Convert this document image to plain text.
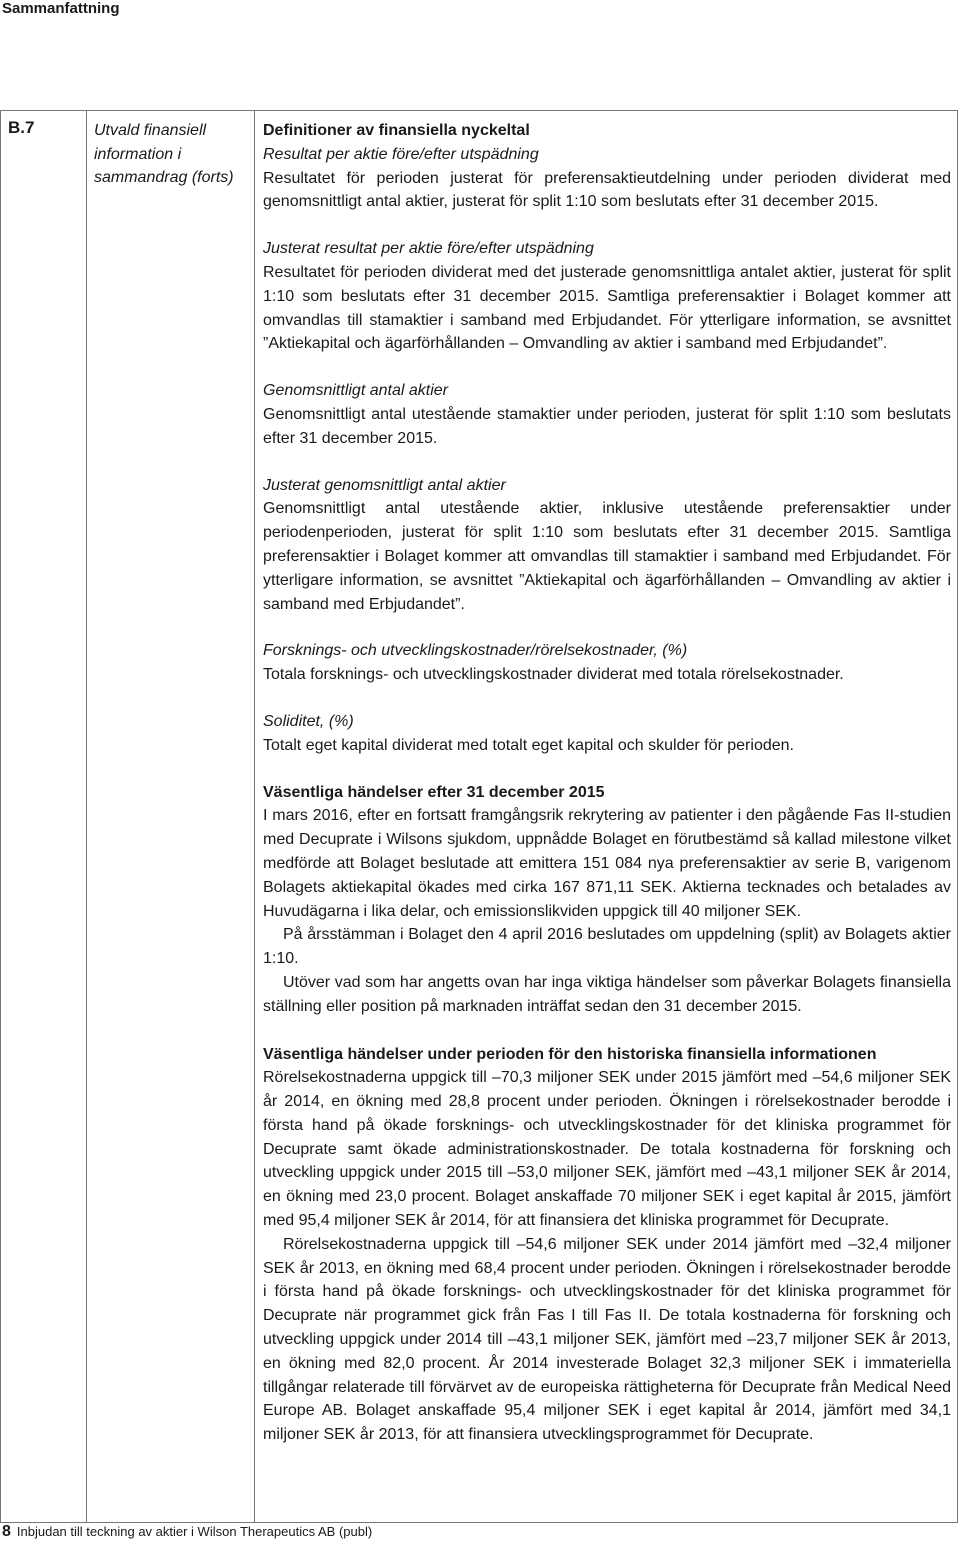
Sammanfattning
B.7	Utvald finansiell information i sammandrag (forts)

Definitioner av finansiella nyckeltal

Resultat per aktie före/efter utspädning

Resultatet för perioden justerat för preferensaktieutdelning under perioden dividerat med genomsnittligt antal aktier, justerat för split 1:10 som beslutats efter 31 december 2015.

Justerat resultat per aktie före/efter utspädning

Resultatet för perioden dividerat med det justerade genomsnittliga antalet aktier, justerat för split 1:10 som beslutats efter 31 december 2015. Samtliga preferensaktier i Bolaget kommer att omvandlas till stamaktier i samband med Erbjudandet. För ytterligare information, se avsnittet ”Aktiekapital och ägarförhållanden – Omvandling av aktier i samband med Erbjudandet”.

Genomsnittligt antal aktier

Genomsnittligt antal utestående stamaktier under perioden, justerat för split 1:10 som beslutats efter 31 december 2015.

Justerat genomsnittligt antal aktier

Genomsnittligt antal utestående aktier, inklusive utestående preferensaktier under periodenperioden, justerat för split 1:10 som beslutats efter 31 december 2015. Samtliga preferensaktier i Bolaget kommer att omvandlas till stamaktier i samband med Erbjudandet. För ytterligare information, se avsnittet ”Aktiekapital och ägarförhållanden – Omvandling av aktier i samband med Erbjudandet”.

Forsknings- och utvecklingskostnader/rörelsekostnader, (%)

Totala forsknings- och utvecklingskostnader dividerat med totala rörelsekostnader.

Soliditet, (%)

Totalt eget kapital dividerat med totalt eget kapital och skulder för perioden.

Väsentliga händelser efter 31 december 2015

I mars 2016, efter en fortsatt framgångsrik rekrytering av patienter i den pågående Fas II-studien med Decuprate i Wilsons sjukdom, uppnådde Bolaget en förutbestämd så kallad milestone vilket medförde att Bolaget beslutade att emittera 151 084 nya preferensaktier av serie B, varigenom Bolagets aktiekapital ökades med cirka 167 871,11 SEK. Aktierna tecknades och betalades av Huvudägarna i lika delar, och emissionslikviden uppgick till 40 miljoner SEK.

På årsstämman i Bolaget den 4 april 2016 beslutades om uppdelning (split) av Bolagets aktier 1:10.

Utöver vad som har angetts ovan har inga viktiga händelser som påverkar Bolagets finansiella ställning eller position på marknaden inträffat sedan den 31 december 2015.

Väsentliga händelser under perioden för den historiska finansiella informationen

Rörelsekostnaderna uppgick till –70,3 miljoner SEK under 2015 jämfört med –54,6 miljoner SEK år 2014, en ökning med 28,8 procent under perioden. Ökningen i rörelsekostnader berodde i första hand på ökade forsknings- och utvecklingskostnader för det kliniska programmet för Decuprate samt ökade administrationskostnader. De totala kostnaderna för forskning och utveckling uppgick under 2015 till –53,0 miljoner SEK, jämfört med –43,1 miljoner SEK år 2014, en ökning med 23,0 procent. Bolaget anskaffade 70 miljoner SEK i eget kapital år 2015, jämfört med 95,4 miljoner SEK år 2014, för att finansiera det kliniska programmet för Decuprate.

Rörelsekostnaderna uppgick till –54,6 miljoner SEK under 2014 jämfört med –32,4 miljoner SEK år 2013, en ökning med 68,4 procent under perioden. Ökningen i rörelsekostnader berodde i första hand på ökade forsknings- och utvecklingskostnader för det kliniska programmet för Decuprate när programmet gick från Fas I till Fas II. De totala kostnaderna för forskning och utveckling uppgick under 2014 till –43,1 miljoner SEK, jämfört med –23,7 miljoner SEK år 2013, en ökning med 82,0 procent. År 2014 investerade Bolaget 32,3 miljoner SEK i immateriella tillgångar relaterade till förvärvet av de europeiska rättigheterna för Decuprate från Medical Need Europe AB. Bolaget anskaffade 95,4 miljoner SEK i eget kapital år 2014, jämfört med 34,1 miljoner SEK år 2013, för att finansiera utvecklingsprogrammet för Decuprate.

8 Inbjudan till teckning av aktier i Wilson Therapeutics AB (publ)
